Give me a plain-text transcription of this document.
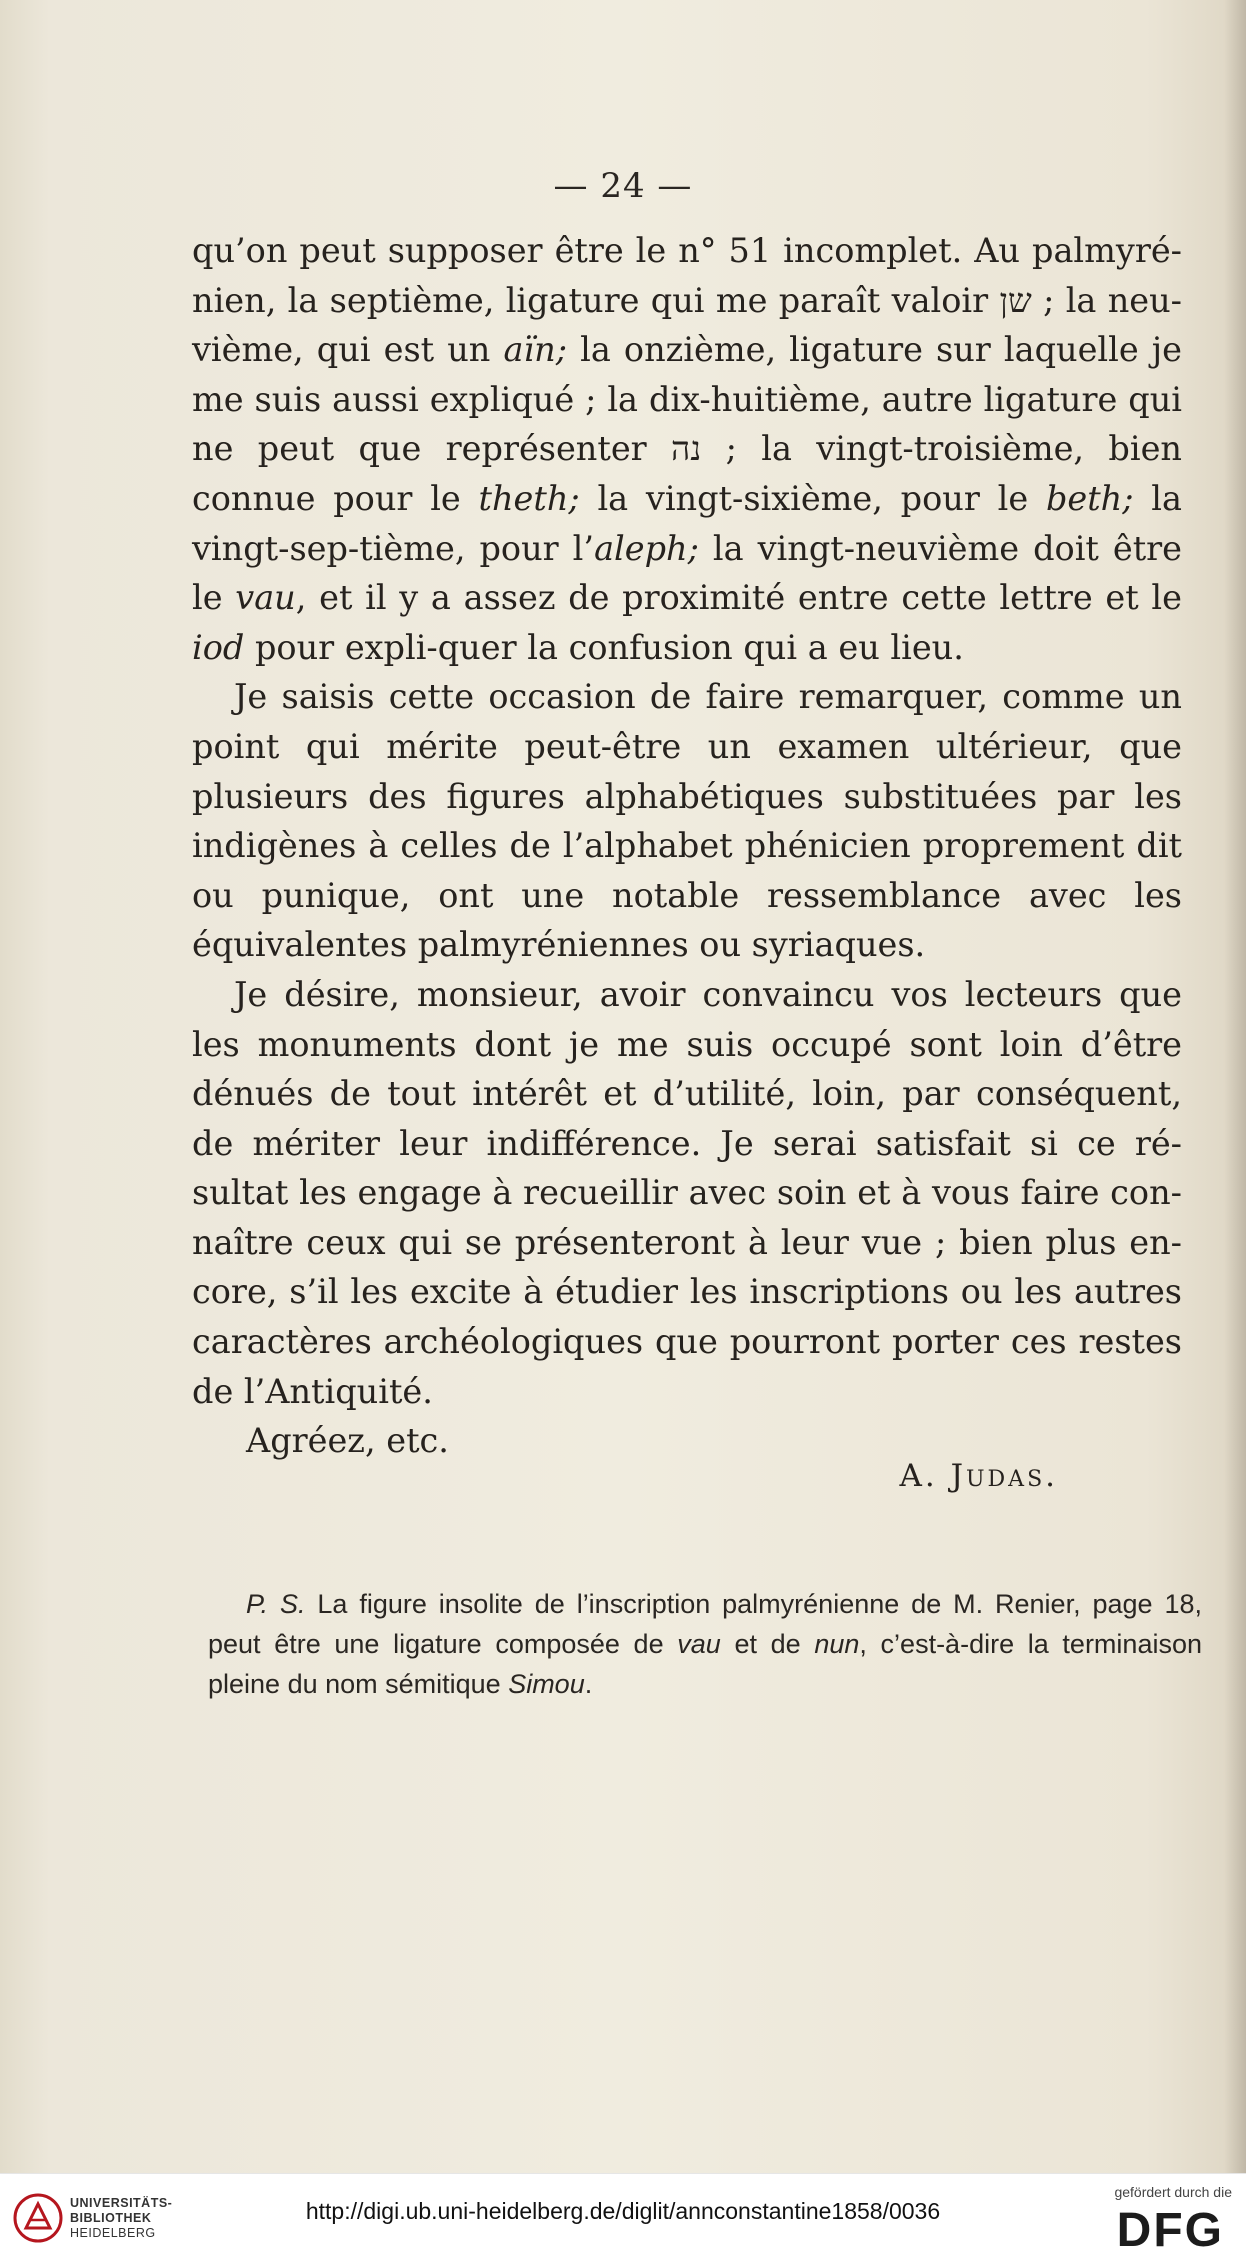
— 24 —

qu’on peut supposer être le n° 51 incomplet. Au palmyré-nien, la septième, ligature qui me paraît valoir שן ; la neu-vième, qui est un aïn; la onzième, ligature sur laquelle je me suis aussi expliqué ; la dix-huitième, autre ligature qui ne peut que représenter נה ; la vingt-troisième, bien connue pour le theth; la vingt-sixième, pour le beth; la vingt-sep-tième, pour l’aleph; la vingt-neuvième doit être le vau, et il y a assez de proximité entre cette lettre et le iod pour expli-quer la confusion qui a eu lieu.

Je saisis cette occasion de faire remarquer, comme un point qui mérite peut-être un examen ultérieur, que plusieurs des figures alphabétiques substituées par les indigènes à celles de l’alphabet phénicien proprement dit ou punique, ont une notable ressemblance avec les équivalentes palmyréniennes ou syriaques.

Je désire, monsieur, avoir convaincu vos lecteurs que les monuments dont je me suis occupé sont loin d’être dénués de tout intérêt et d’utilité, loin, par conséquent, de mériter leur indifférence. Je serai satisfait si ce ré-sultat les engage à recueillir avec soin et à vous faire con-naître ceux qui se présenteront à leur vue ; bien plus en-core, s’il les excite à étudier les inscriptions ou les autres caractères archéologiques que pourront porter ces restes de l’Antiquité.

Agréez, etc.

A. Judas.

P. S. La figure insolite de l’inscription palmyrénienne de M. Renier, page 18, peut être une ligature composée de vau et de nun, c’est-à-dire la terminaison pleine du nom sémitique Simou.

UNIVERSITÄTS-
BIBLIOTHEK
HEIDELBERG
http://digi.ub.uni-heidelberg.de/diglit/annconstantine1858/0036
gefördert durch die
DFG
